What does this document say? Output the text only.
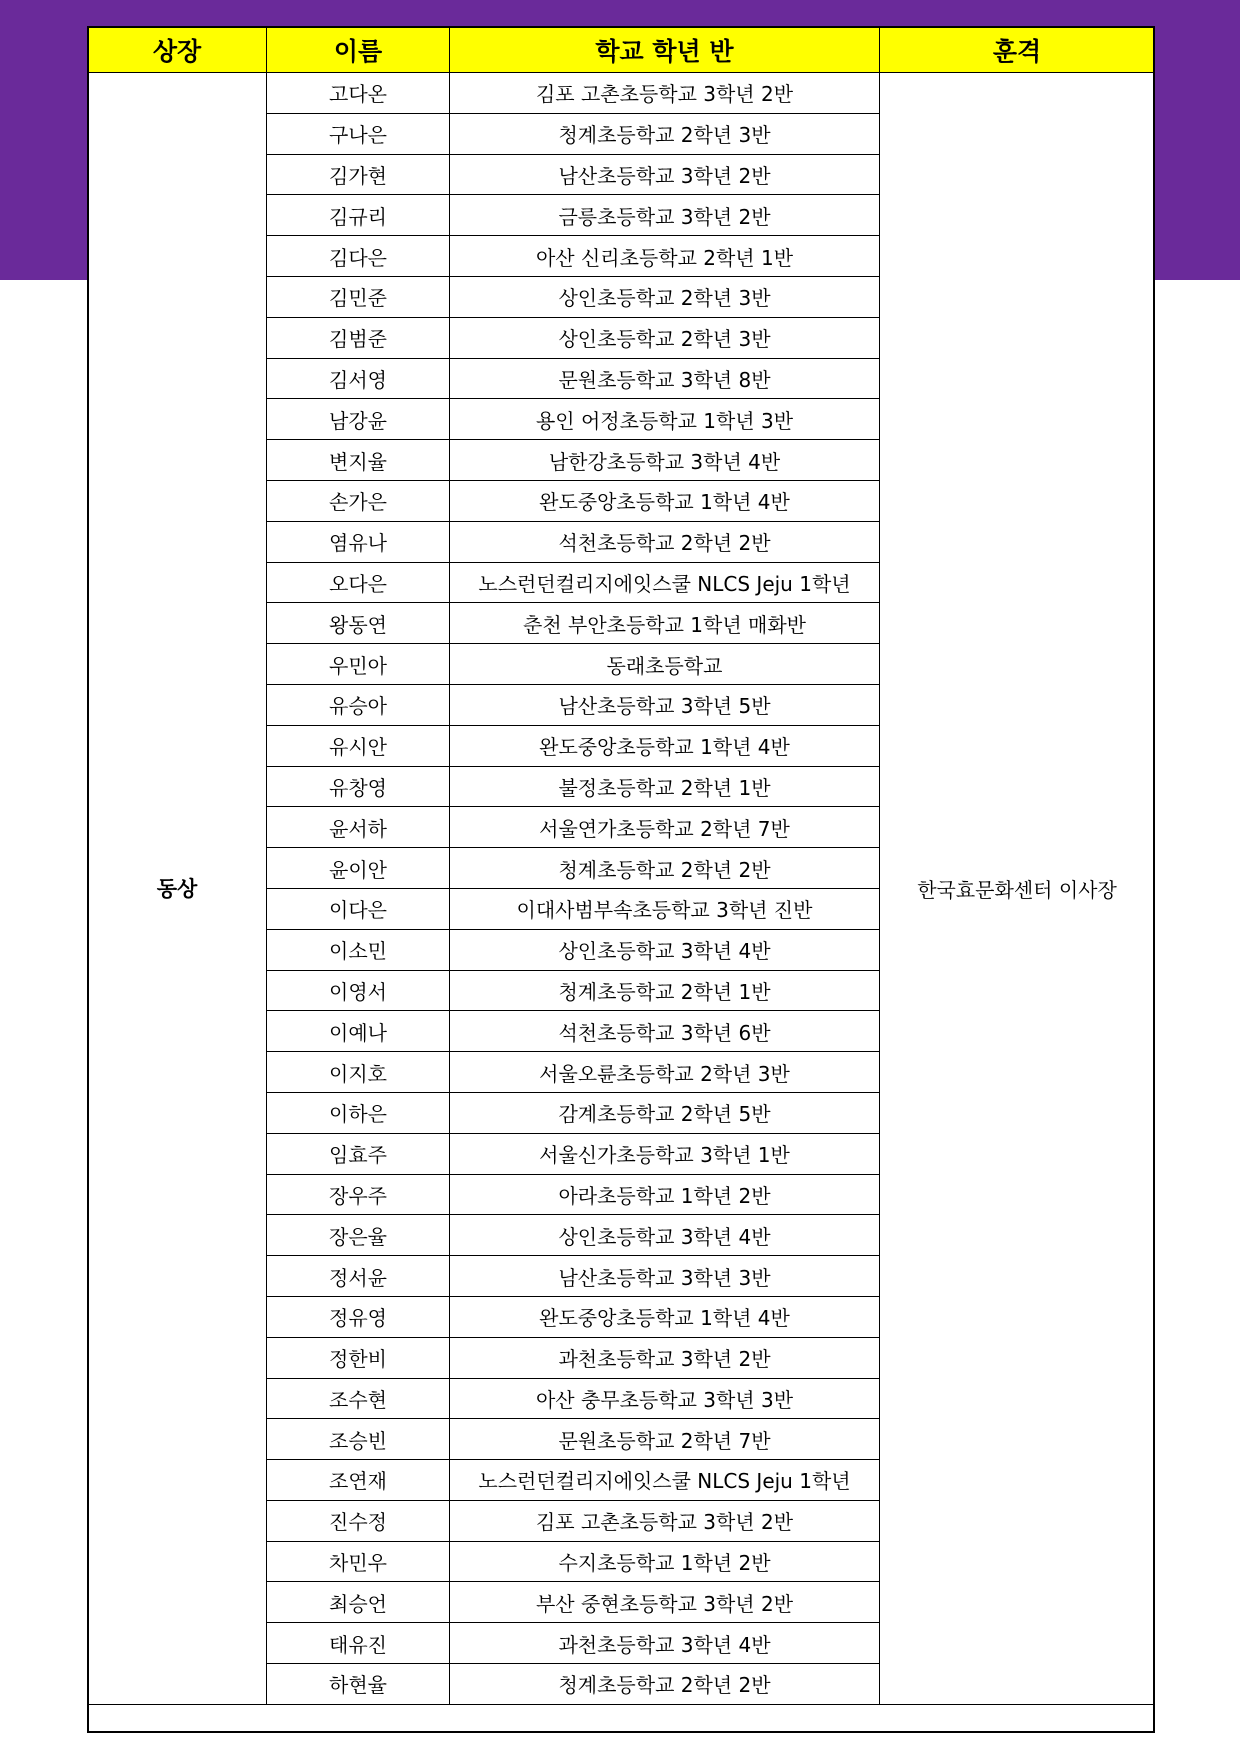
상장	이름	학교 학년 반	훈격
동상	고다온	김포 고촌초등학교 3학년 2반	한국효문화센터 이사장
	구나은	청계초등학교 2학년 3반	
	김가현	남산초등학교 3학년 2반	
	김규리	금릉초등학교 3학년 2반	
	김다은	아산 신리초등학교 2학년 1반	
	김민준	상인초등학교 2학년 3반	
	김범준	상인초등학교 2학년 3반	
	김서영	문원초등학교 3학년 8반	
	남강윤	용인 어정초등학교 1학년 3반	
	변지율	남한강초등학교 3학년 4반	
	손가은	완도중앙초등학교 1학년 4반	
	염유나	석천초등학교 2학년 2반	
	오다은	노스런던컬리지에잇스쿨 NLCS Jeju 1학년	
	왕동연	춘천 부안초등학교 1학년 매화반	
	우민아	동래초등학교	
	유승아	남산초등학교 3학년 5반	
	유시안	완도중앙초등학교 1학년 4반	
	유창영	불정초등학교 2학년 1반	
	윤서하	서울연가초등학교 2학년 7반	
	윤이안	청계초등학교 2학년 2반	
	이다은	이대사범부속초등학교 3학년 진반	
	이소민	상인초등학교 3학년 4반	
	이영서	청계초등학교 2학년 1반	
	이예나	석천초등학교 3학년 6반	
	이지호	서울오륜초등학교 2학년 3반	
	이하은	감계초등학교 2학년 5반	
	임효주	서울신가초등학교 3학년 1반	
	장우주	아라초등학교 1학년 2반	
	장은율	상인초등학교 3학년 4반	
	정서윤	남산초등학교 3학년 3반	
	정유영	완도중앙초등학교 1학년 4반	
	정한비	과천초등학교 3학년 2반	
	조수현	아산 충무초등학교 3학년 3반	
	조승빈	문원초등학교 2학년 7반	
	조연재	노스런던컬리지에잇스쿨 NLCS Jeju 1학년	
	진수정	김포 고촌초등학교 3학년 2반	
	차민우	수지초등학교 1학년 2반	
	최승언	부산 중현초등학교 3학년 2반	
	태유진	과천초등학교 3학년 4반	
	하현율	청계초등학교 2학년 2반	
